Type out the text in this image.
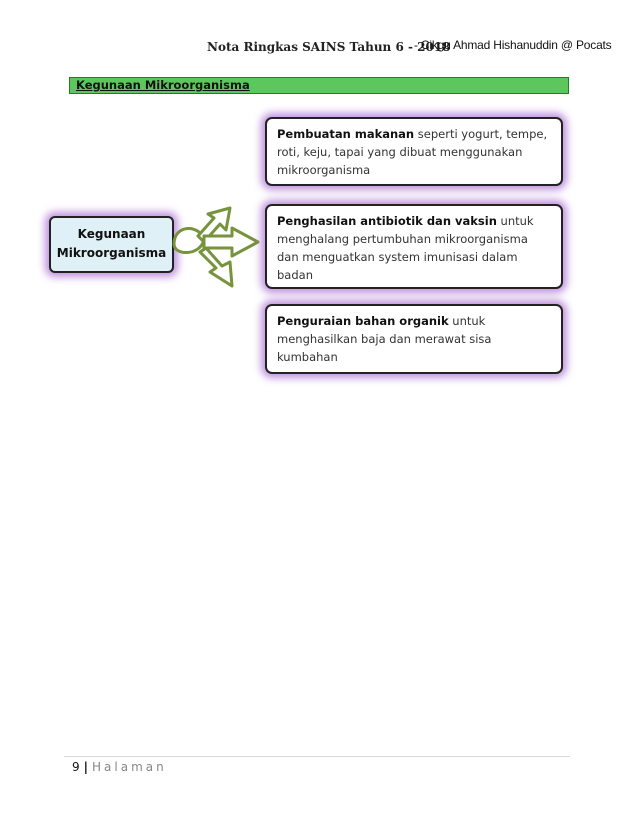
Nota Ringkas SAINS Tahun 6 - 2018
- Cikgu Ahmad Hishanuddin @ Pocats
Kegunaan Mikroorganisma
Kegunaan
Mikroorganisma
Pembuatan makanan seperti yogurt, tempe, roti, keju, tapai yang dibuat menggunakan mikroorganisma
Penghasilan antibiotik dan vaksin untuk menghalang pertumbuhan mikroorganisma dan menguatkan system imunisasi dalam badan
Penguraian bahan organik untuk menghasilkan baja dan merawat sisa kumbahan
9 | Halaman
